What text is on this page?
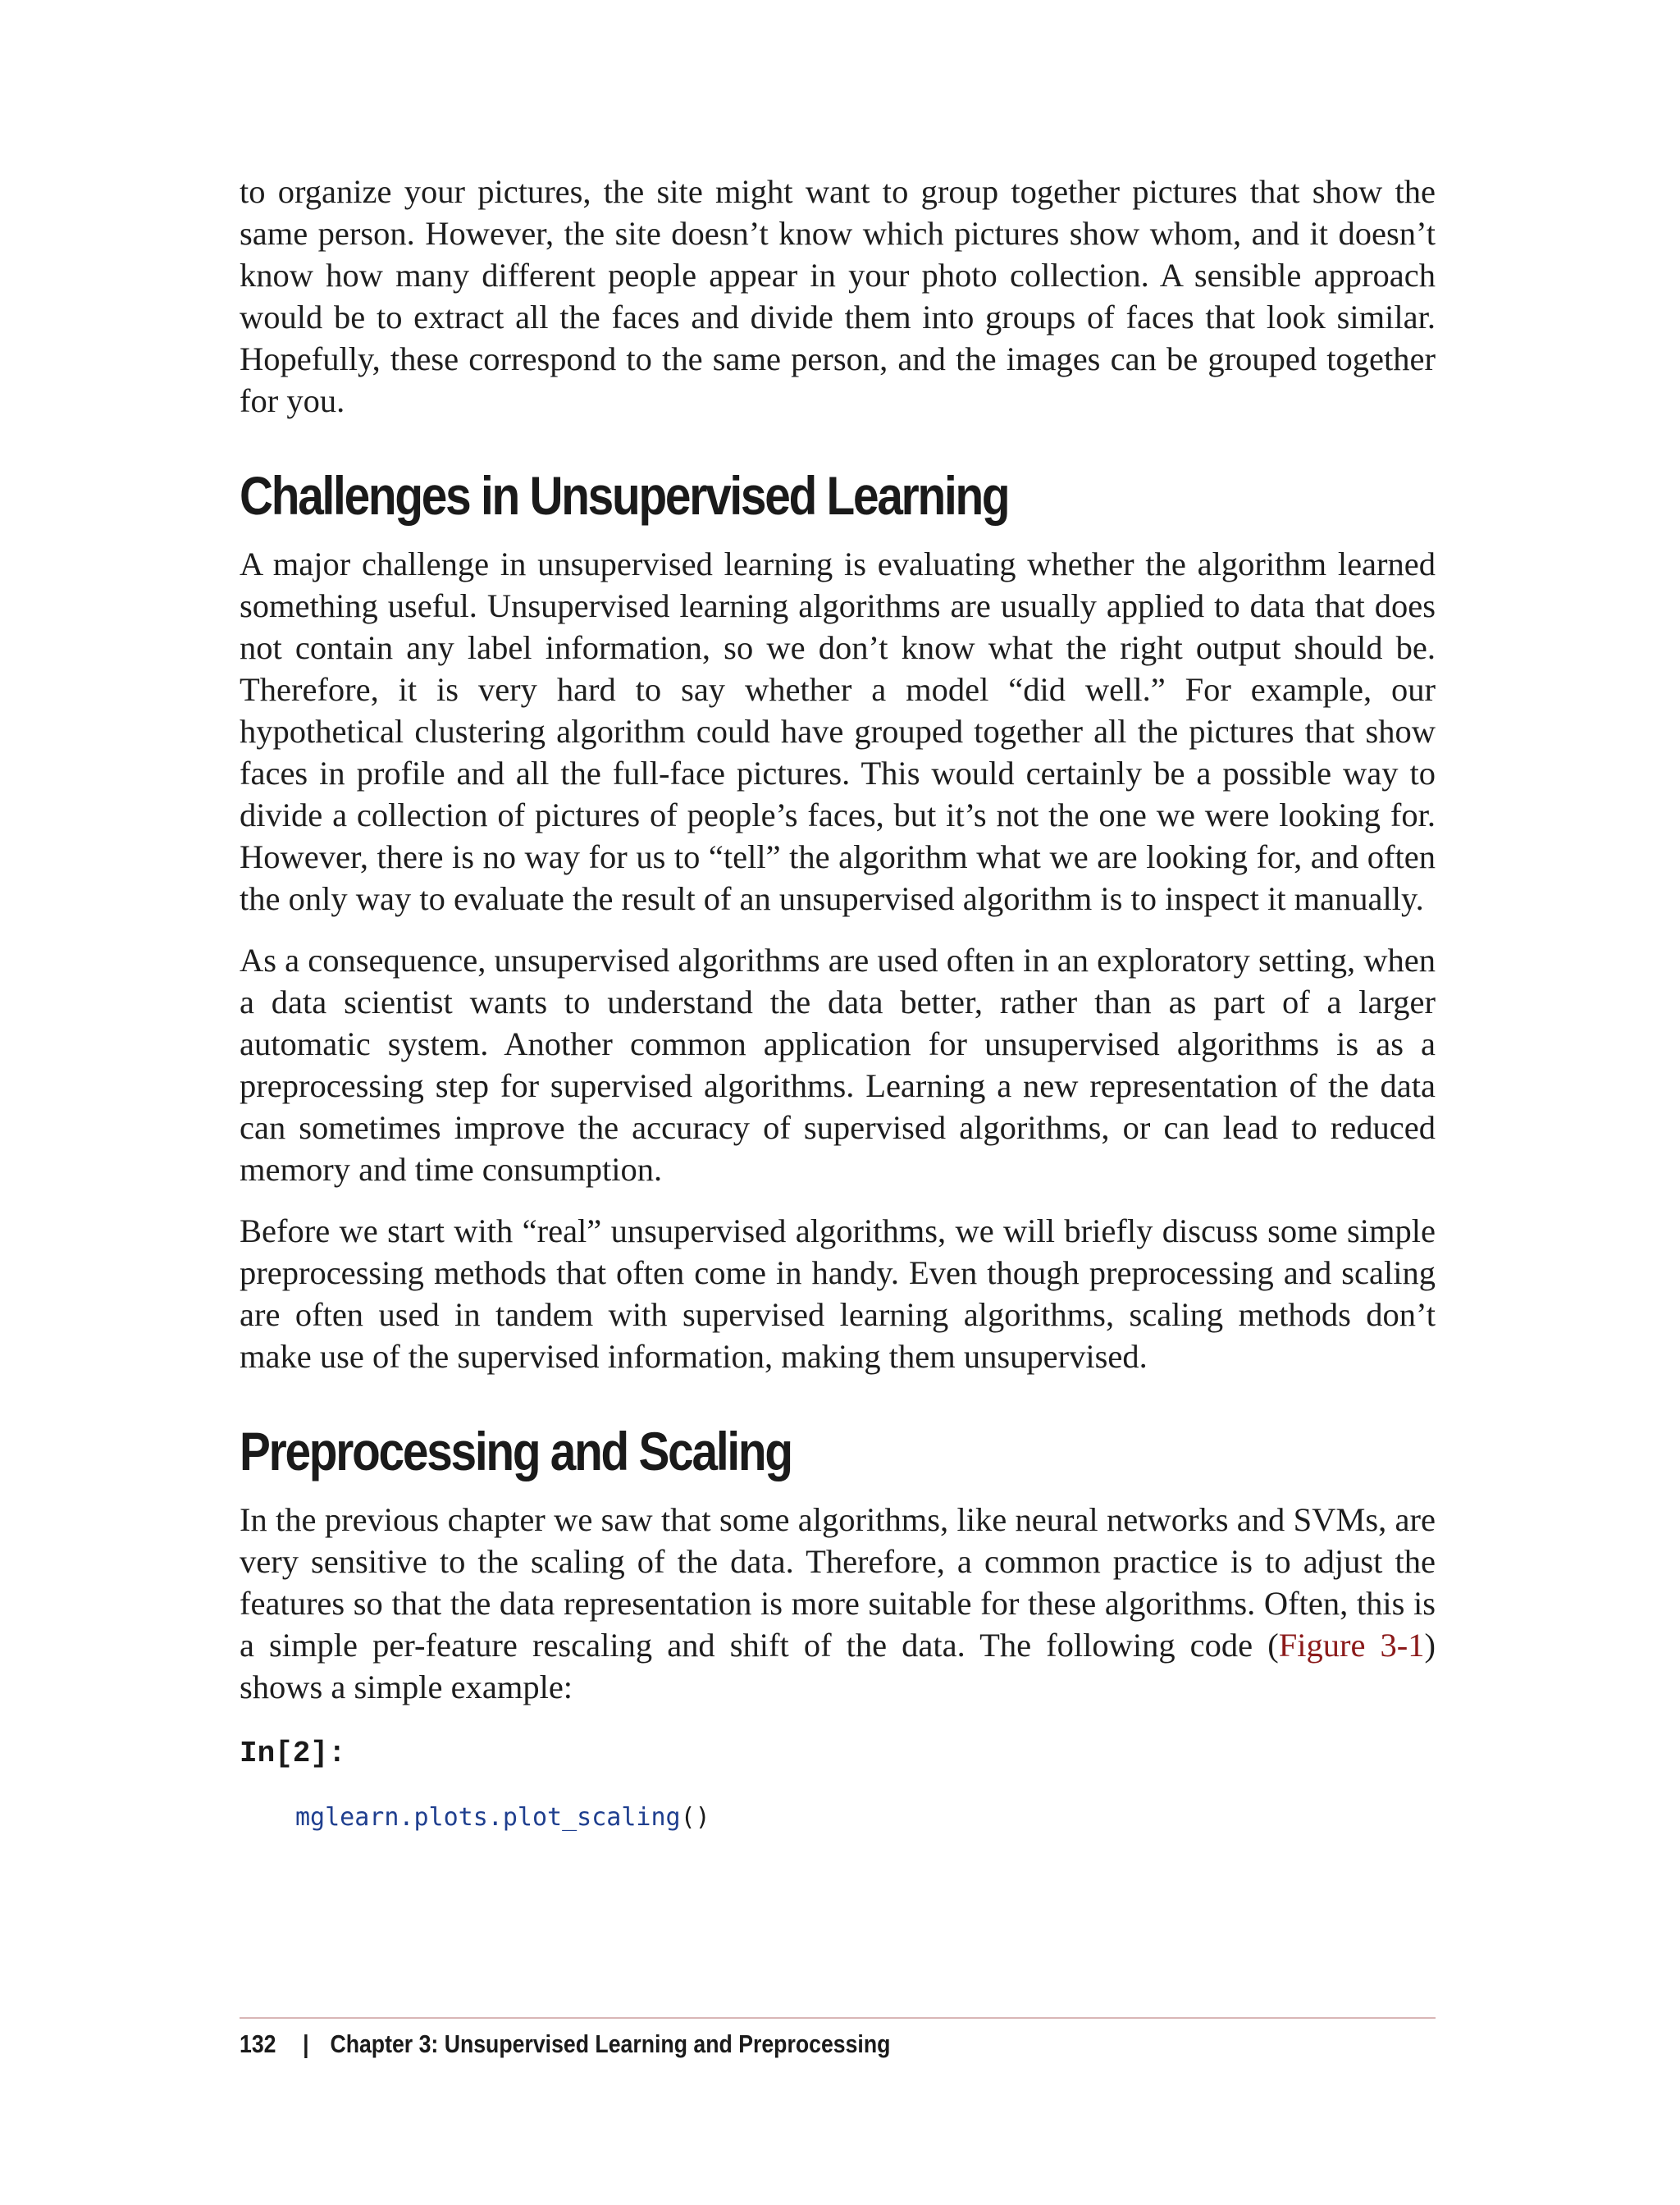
to organize your pictures, the site might want to group together pictures that show the same person. However, the site doesn’t know which pictures show whom, and it doesn’t know how many different people appear in your photo collection. A sensible approach would be to extract all the faces and divide them into groups of faces that look similar. Hopefully, these correspond to the same person, and the images can be grouped together for you.

Challenges in Unsupervised Learning

A major challenge in unsupervised learning is evaluating whether the algorithm learned something useful. Unsupervised learning algorithms are usually applied to data that does not contain any label information, so we don’t know what the right output should be. Therefore, it is very hard to say whether a model “did well.” For example, our hypothetical clustering algorithm could have grouped together all the pictures that show faces in profile and all the full-face pictures. This would certainly be a possible way to divide a collection of pictures of people’s faces, but it’s not the one we were looking for. However, there is no way for us to “tell” the algorithm what we are looking for, and often the only way to evaluate the result of an unsupervised algorithm is to inspect it manually.

As a consequence, unsupervised algorithms are used often in an exploratory setting, when a data scientist wants to understand the data better, rather than as part of a larger automatic system. Another common application for unsupervised algorithms is as a preprocessing step for supervised algorithms. Learning a new representation of the data can sometimes improve the accuracy of supervised algorithms, or can lead to reduced memory and time consumption.

Before we start with “real” unsupervised algorithms, we will briefly discuss some simple preprocessing methods that often come in handy. Even though preprocessing and scaling are often used in tandem with supervised learning algorithms, scaling methods don’t make use of the supervised information, making them unsupervised.

Preprocessing and Scaling

In the previous chapter we saw that some algorithms, like neural networks and SVMs, are very sensitive to the scaling of the data. Therefore, a common practice is to adjust the features so that the data representation is more suitable for these algorithms. Often, this is a simple per-feature rescaling and shift of the data. The following code (Figure 3-1) shows a simple example:

In[2]:
mglearn.plots.plot_scaling()
132 | Chapter 3: Unsupervised Learning and Preprocessing
